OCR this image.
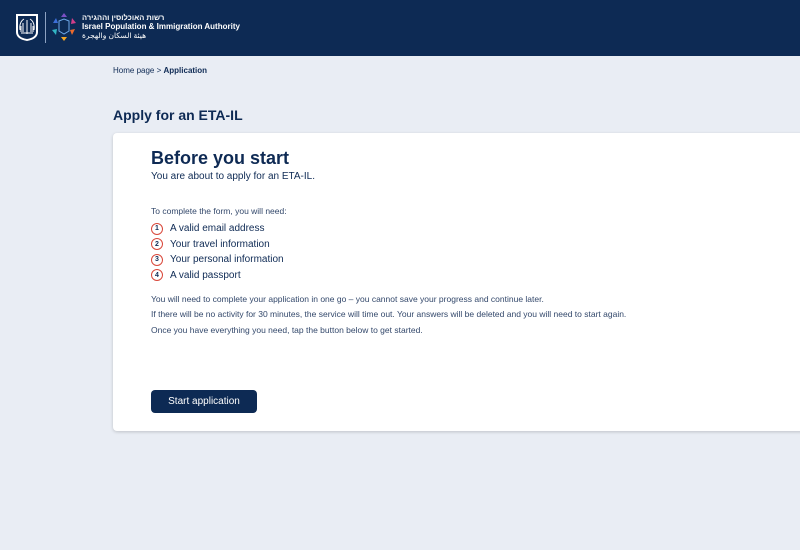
רשות האוכלוסין וההגירה
Israel Population & Immigration Authority
هيئة السكان والهجرة
Home page > Application
Apply for an ETA-IL
Before you start
You are about to apply for an ETA-IL.
To complete the form, you will need:
1	A valid email address
2	Your travel information
3	Your personal information
4	A valid passport
You will need to complete your application in one go – you cannot save your progress and continue later.
If there will be no activity for 30 minutes, the service will time out. Your answers will be deleted and you will need to start again.
Once you have everything you need, tap the button below to get started.
Start application
